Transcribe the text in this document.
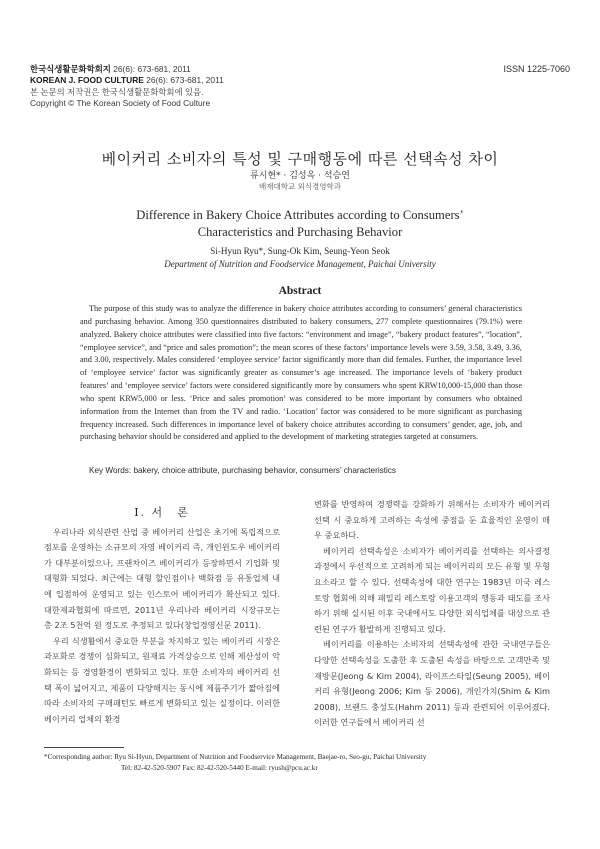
한국식생활문화학회지 26(6): 673-681, 2011
KOREAN J. FOOD CULTURE 26(6): 673-681, 2011
본 논문의 저작권은 한국식생활문화학회에 있음.
Copyright © The Korean Society of Food Culture
ISSN 1225-7060
베이커리 소비자의 특성 및 구매행동에 따른 선택속성 차이
류시현* · 김성옥 · 석승연
배재대학교 외식경영학과
Difference in Bakery Choice Attributes according to Consumers’
Characteristics and Purchasing Behavior
Si-Hyun Ryu*, Sung-Ok Kim, Seung-Yeon Seok
Department of Nutrition and Foodservice Management, Paichai University
Abstract
The purpose of this study was to analyze the difference in bakery choice attributes according to consumers’ general characteristics and purchasing behavior. Among 350 questionnaires distributed to bakery consumers, 277 complete questionnaires (79.1%) were analyzed. Bakery choice attributes were classified into five factors: “environment and image”, “bakery product features”, “location”, “employee service”, and “price and sales promotion”; the mean scores of these factors’ importance levels were 3.59, 3.58, 3.49, 3.36, and 3.00, respectively. Males considered ‘employee service’ factor significantly more than did females. Further, the importance level of ‘employee service’ factor was significantly greater as consumer’s age increased. The importance levels of ‘bakery product features’ and ‘employee service’ factors were considered significantly more by consumers who spent KRW10,000-15,000 than those who spent KRW5,000 or less. ‘Price and sales promotion’ was considered to be more important by consumers who obtained information from the Internet than from the TV and radio. ‘Location’ factor was considered to be more significant as purchasing frequency increased. Such differences in importance level of bakery choice attributes according to consumers’ gender, age, job, and purchasing behavior should be considered and applied to the development of marketing strategies targeted at consumers.
Key Words: bakery, choice attribute, purchasing behavior, consumers’ characteristics
Ⅰ. 서　론

우리나라 외식관련 산업 중 베이커리 산업은 초기에 독립적으로 점포를 운영하는 소규모의 자영 베이커리 즉, 개인윈도우 베이커리가 대부분이었으나, 프랜차이즈 베이커리가 등장하면서 기업화 및 대형화 되었다. 최근에는 대형 할인점이나 백화점 등 유통업체 내에 입점하여 운영되고 있는 인스토어 베이커리가 확산되고 있다. 대한제과협회에 따르면, 2011년 우리나라 베이커리 시장규모는 총 2조 5천억 원 정도로 추정되고 있다(창업경영신문 2011).

우리 식생활에서 중요한 부분을 차지하고 있는 베이커리 시장은 과포화로 경쟁이 심화되고, 원재료 가격상승으로 인해 제산성이 악화되는 등 경영환경이 변화되고 있다. 또한 소비자의 베이커리 선택 폭이 넓어지고, 제품이 다양해지는 동시에 제품주기가 짧아짐에 따라 소비자의 구매패턴도 빠르게 변화되고 있는 실정이다. 이러한 베이커리 업체의 환경

변화를 반영하여 경쟁력을 강화하기 위해서는 소비자가 베이커리 선택 시 중요하게 고려하는 속성에 중점을 둔 효율적인 운영이 매우 중요하다.

베이커리 선택속성은 소비자가 베이커리를 선택하는 의사결정 과정에서 우선적으로 고려하게 되는 베이커리의 모든 유형 및 무형 요소라고 할 수 있다. 선택속성에 대한 연구는 1983년 미국 레스토랑 협회에 의해 패밀리 레스토랑 이용고객의 행동과 태도를 조사하기 위해 실시된 이후 국내에서도 다양한 외식업체를 대상으로 관련된 연구가 활발하게 진행되고 있다.

베이커리를 이용하는 소비자의 선택속성에 관한 국내연구들은 다양한 선택속성을 도출한 후 도출된 속성을 바탕으로 고객만족 및 재방문(Jeong & Kim 2004), 라이프스타일(Seung 2005), 베이커리 유형(Jeong 2006; Kim 등 2006), 개인가치(Shim & Kim 2008), 브랜드 충성도(Hahm 2011) 등과 관련되어 이루어졌다. 이러한 연구들에서 베이커리 선

*Corresponding author: Ryu Si-Hyun, Department of Nutrition and Foodservice Management, Baejae-ro, Seo-gu, Paichai University
Tel: 82-42-520-5907 Fax: 82-42-520-5440 E-mail: ryush@pcu.ac.kr
